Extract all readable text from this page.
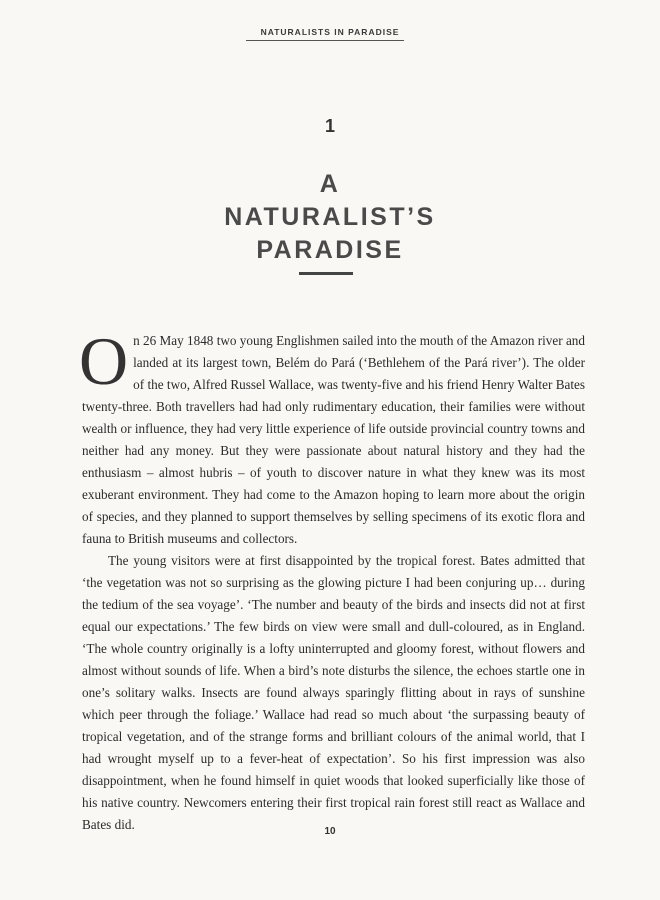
NATURALISTS IN PARADISE
1
A
NATURALIST’S
PARADISE

On 26 May 1848 two young Englishmen sailed into the mouth of the Amazon river and landed at its largest town, Belém do Pará (‘Bethlehem of the Pará river’). The older of the two, Alfred Russel Wallace, was twenty-five and his friend Henry Walter Bates twenty-three. Both travellers had had only rudimentary education, their families were without wealth or influence, they had very little experience of life outside provincial country towns and neither had any money. But they were passionate about natural history and they had the enthusiasm – almost hubris – of youth to discover nature in what they knew was its most exuberant environment. They had come to the Amazon hoping to learn more about the origin of species, and they planned to support themselves by selling specimens of its exotic flora and fauna to British museums and collectors.

The young visitors were at first disappointed by the tropical forest. Bates admitted that ‘the vegetation was not so surprising as the glowing picture I had been conjuring up… during the tedium of the sea voyage’. ‘The number and beauty of the birds and insects did not at first equal our expectations.’ The few birds on view were small and dull-coloured, as in England. ‘The whole country originally is a lofty uninterrupted and gloomy forest, without flowers and almost without sounds of life. When a bird’s note disturbs the silence, the echoes startle one in one’s solitary walks. Insects are found always sparingly flitting about in rays of sunshine which peer through the foliage.’ Wallace had read so much about ‘the surpassing beauty of tropical vegetation, and of the strange forms and brilliant colours of the animal world, that I had wrought myself up to a fever-heat of expectation’. So his first impression was also disappointment, when he found himself in quiet woods that looked superficially like those of his native country. Newcomers entering their first tropical rain forest still react as Wallace and Bates did.	10
